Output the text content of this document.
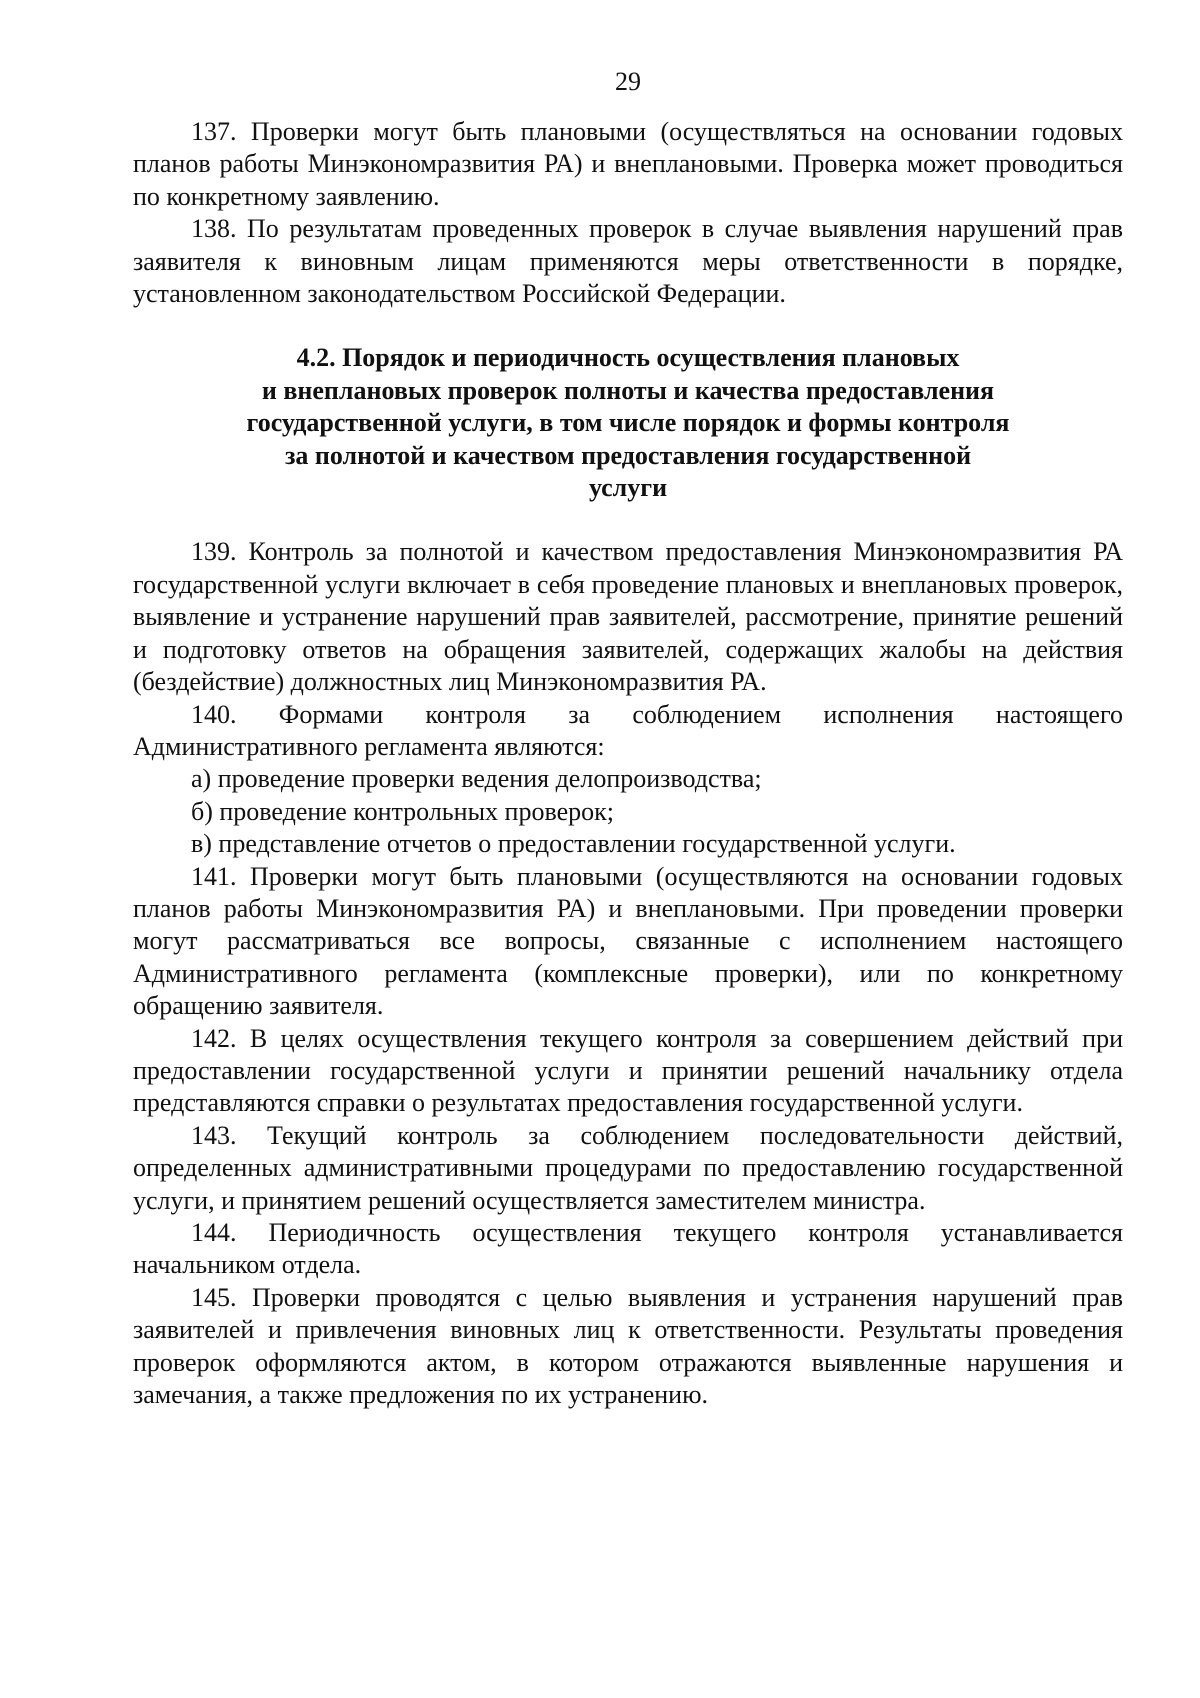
29

137. Проверки могут быть плановыми (осуществляться на основании годовых планов работы Минэкономразвития РА) и внеплановыми. Проверка может проводиться по конкретному заявлению.

138. По результатам проведенных проверок в случае выявления нарушений прав заявителя к виновным лицам применяются меры ответственности в порядке, установленном законодательством Российской Федерации.

4.2. Порядок и периодичность осуществления плановых
и внеплановых проверок полноты и качества предоставления
государственной услуги, в том числе порядок и формы контроля
за полнотой и качеством предоставления государственной
услуги

139. Контроль за полнотой и качеством предоставления Минэкономразвития РА государственной услуги включает в себя проведение плановых и внеплановых проверок, выявление и устранение нарушений прав заявителей, рассмотрение, принятие решений и подготовку ответов на обращения заявителей, содержащих жалобы на действия (бездействие) должностных лиц Минэкономразвития РА.

140. Формами контроля за соблюдением исполнения настоящего Административного регламента являются:

а) проведение проверки ведения делопроизводства;

б) проведение контрольных проверок;

в) представление отчетов о предоставлении государственной услуги.

141. Проверки могут быть плановыми (осуществляются на основании годовых планов работы Минэкономразвития РА) и внеплановыми. При проведении проверки могут рассматриваться все вопросы, связанные с исполнением настоящего Административного регламента (комплексные проверки), или по конкретному обращению заявителя.

142. В целях осуществления текущего контроля за совершением действий при предоставлении государственной услуги и принятии решений начальнику отдела представляются справки о результатах предоставления государственной услуги.

143. Текущий контроль за соблюдением последовательности действий, определенных административными процедурами по предоставлению государственной услуги, и принятием решений осуществляется заместителем министра.

144. Периодичность осуществления текущего контроля устанавливается начальником отдела.

145. Проверки проводятся с целью выявления и устранения нарушений прав заявителей и привлечения виновных лиц к ответственности. Результаты проведения проверок оформляются актом, в котором отражаются выявленные нарушения и замечания, а также предложения по их устранению.
